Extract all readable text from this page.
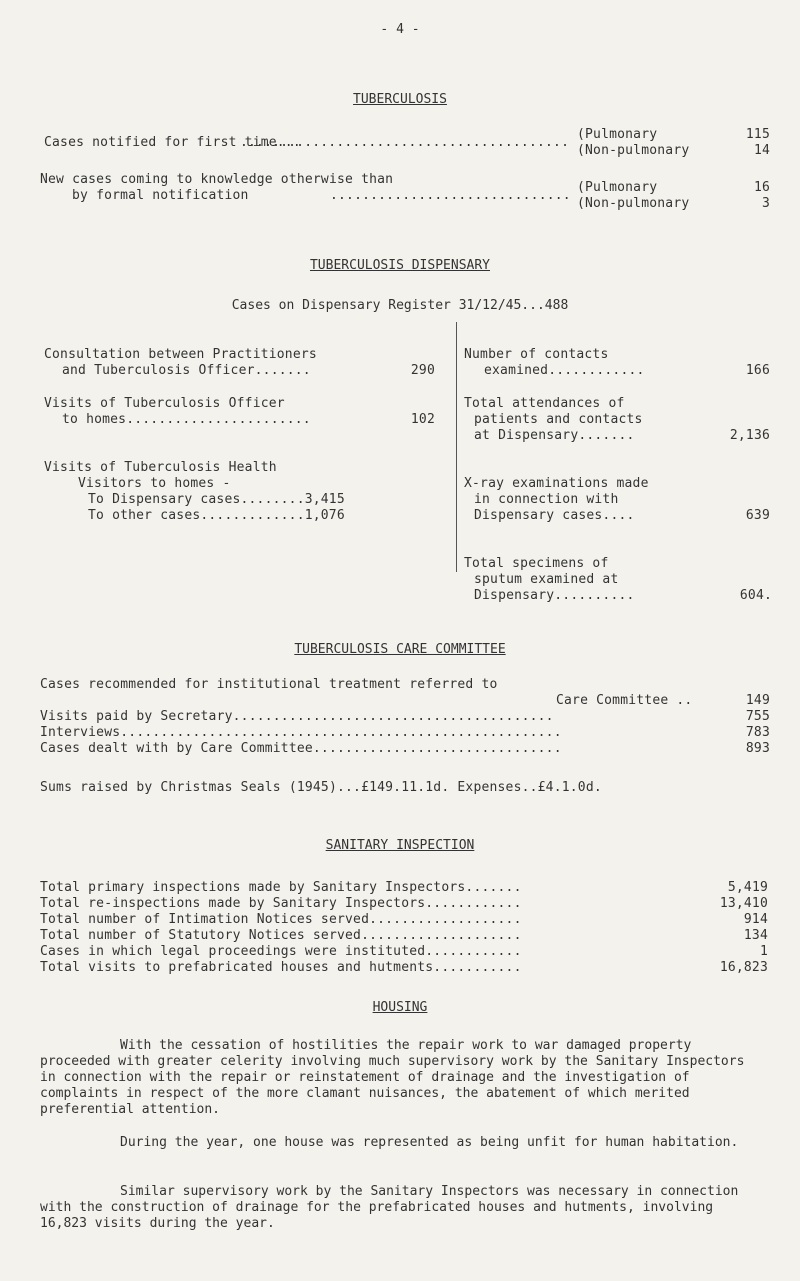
- 4 -
TUBERCULOSIS
Cases notified for first time...
.........................................
(Pulmonary	115
(Non-pulmonary	14
New cases coming to knowledge otherwise than
by formal notification	..............................
(Pulmonary	16
(Non-pulmonary	3
TUBERCULOSIS DISPENSARY
Cases on Dispensary Register 31/12/45...488
Consultation between Practitioners
and Tuberculosis Officer.......	290
Visits of Tuberculosis Officer
to homes.......................	102
Visits of Tuberculosis Health
Visitors to homes -
To Dispensary cases........3,415
To other cases.............1,076
Number of contacts
examined............	166
Total attendances of
patients and contacts
at Dispensary.......	2,136
X-ray examinations made
in connection with
Dispensary cases....	639
Total specimens of
sputum examined at
Dispensary..........	604.
TUBERCULOSIS CARE COMMITTEE
Cases recommended for institutional treatment referred to
Care Committee ..	149
Visits paid by Secretary........................................	755
Interviews.......................................................	783
Cases dealt with by Care Committee...............................	893
Sums raised by Christmas Seals (1945)...£149.11.1d. Expenses..£4.1.0d.
SANITARY INSPECTION
Total primary inspections made by Sanitary Inspectors.......	5,419
Total re-inspections made by Sanitary Inspectors............	13,410
Total number of Intimation Notices served...................	914
Total number of Statutory Notices served....................	134
Cases in which legal proceedings were instituted............	1
Total visits to prefabricated houses and hutments...........	16,823
HOUSING
With the cessation of hostilities the repair work to war damaged property proceeded with greater celerity involving much supervisory work by the Sanitary Inspectors in connection with the repair or reinstatement of drainage and the investigation of complaints in respect of the more clamant nuisances, the abatement of which merited preferential attention.
During the year, one house was represented as being unfit for human habitation.
Similar supervisory work by the Sanitary Inspectors was necessary in connection with the construction of drainage for the prefabricated houses and hutments, involving 16,823 visits during the year.
